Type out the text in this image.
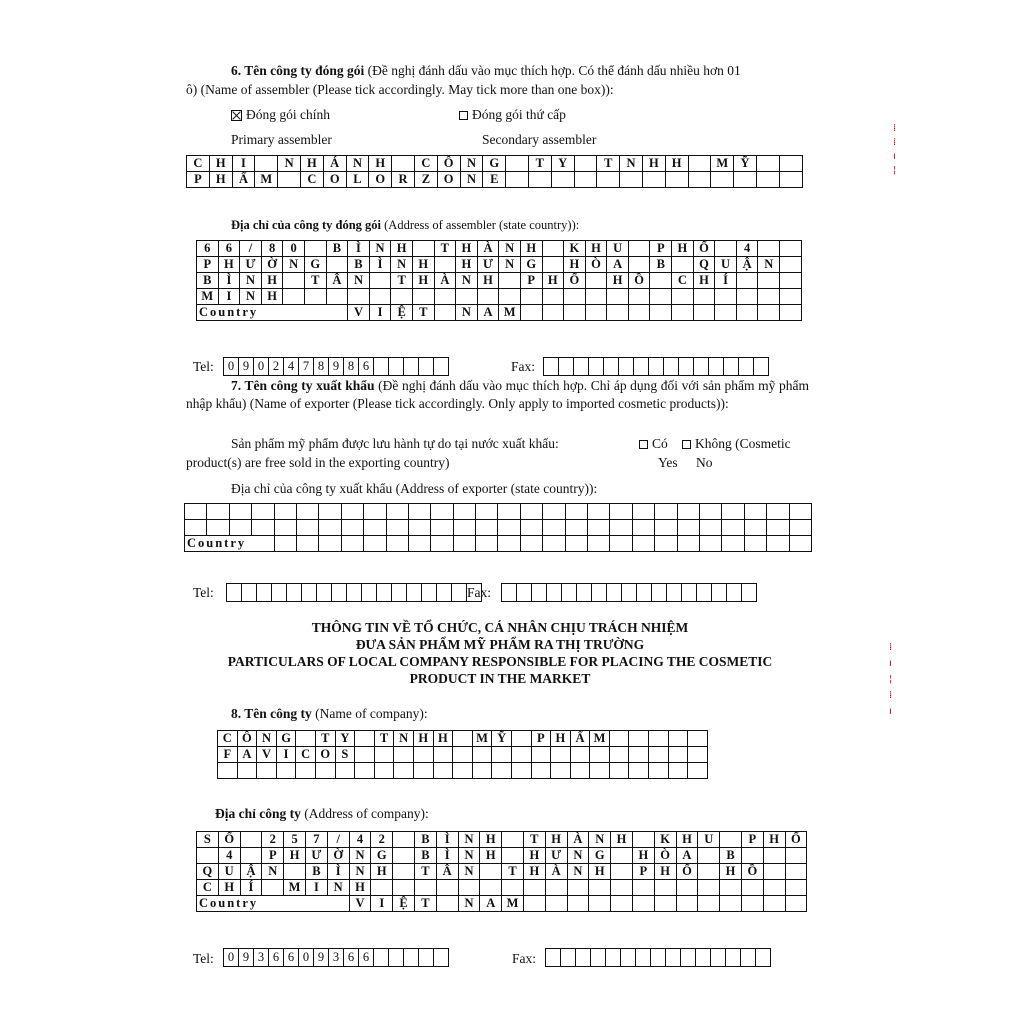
6. Tên công ty đóng gói (Đề nghị đánh dấu vào mục thích hợp. Có thể đánh dấu nhiều hơn 01
ô) (Name of assembler (Please tick accordingly. May tick more than one box)):
Đóng gói chính	Đóng gói thứ cấp
Primary assembler	Secondary assembler
C	H	I		N	H	Á	N	H		C	Ô	N	G		T	Y		T	N	H	H		M	Ỹ		
P	H	Ẩ	M		C	O	L	O	R	Z	O	N	E													
Địa chỉ của công ty đóng gói (Address of assembler (state country)):
6	6	/	8	0		B	Ì	N	H		T	H	À	N	H		K	H	U		P	H	Ố		4		
P	H	Ư	Ờ	N	G		B	Ì	N	H		H	Ư	N	G		H	Ò	A		B		Q	U	Ậ	N	
B	Ì	N	H		T	Â	N		T	H	À	N	H		P	H	Ố		H	Ồ		C	H	Í			
M	I	N	H																								
Country							V	I	Ệ	T		N	A	M													
Tel:	0 9 0 2 4 7 8 9 8 6	Fax:
7. Tên công ty xuất khẩu (Đề nghị đánh dấu vào mục thích hợp. Chỉ áp dụng đối với sản phẩm mỹ phẩm nhập khẩu) (Name of exporter (Please tick accordingly. Only apply to imported cosmetic products)):
Sản phẩm mỹ phẩm được lưu hành tự do tại nước xuất khẩu:	Có	Không (Cosmetic
product(s) are free sold in the exporting country)	Yes No
Địa chỉ của công ty xuất khẩu (Address of exporter (state country)):

Country																											
Tel:	Fax:
THÔNG TIN VỀ TỔ CHỨC, CÁ NHÂN CHỊU TRÁCH NHIỆM
ĐƯA SẢN PHẨM MỸ PHẨM RA THỊ TRƯỜNG
PARTICULARS OF LOCAL COMPANY RESPONSIBLE FOR PLACING THE COSMETIC
PRODUCT IN THE MARKET
8. Tên công ty (Name of company):
C	Ô	N	G		T	Y		T	N	H	H		M	Ỹ		P	H	Ẩ	M					
F	A	V	I	C	O	S																		

Địa chỉ công ty (Address of company):
S	Ố		2	5	7	/	4	2		B	Ì	N	H		T	H	À	N	H		K	H	U		P	H	Ố
	4		P	H	Ư	Ờ	N	G		B	Ì	N	H		H	Ư	N	G		H	Ò	A		B			
Q	U	Ậ	N		B	Ì	N	H		T	Â	N		T	H	À	N	H		P	H	Ố		H	Ồ		
C	H	Í		M	I	N	H																				
Country							V	I	Ệ	T		N	A	M													
Tel:	0 9 3 6 6 0 9 3 6 6	Fax:
⁞
⁞
ı
¦
⁞
ı
¦
⁞
ı
